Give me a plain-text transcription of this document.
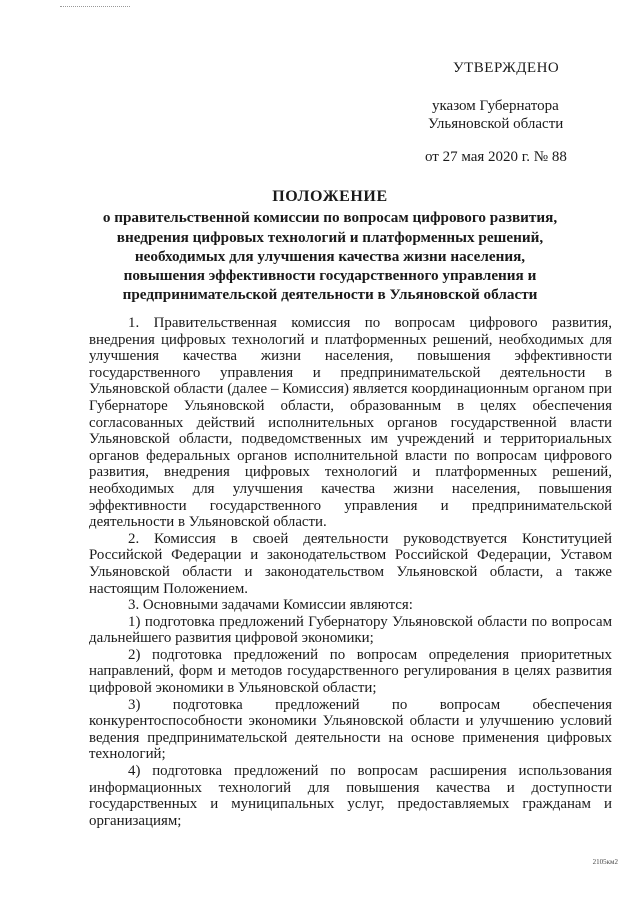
УТВЕРЖДЕНО
указом Губернатора
Ульяновской области
от 27 мая 2020 г. № 88
ПОЛОЖЕНИЕ
о правительственной комиссии по вопросам цифрового развития, внедрения цифровых технологий и платформенных решений, необходимых для улучшения качества жизни населения, повышения эффективности государственного управления и предпринимательской деятельности в Ульяновской области

1. Правительственная комиссия по вопросам цифрового развития, внедрения цифровых технологий и платформенных решений, необходимых для улучшения качества жизни населения, повышения эффективности государственного управления и предпринимательской деятельности в Ульяновской области (далее – Комиссия) является координационным органом при Губернаторе Ульяновской области, образованным в целях обеспечения согласованных действий исполнительных органов государственной власти Ульяновской области, подведомственных им учреждений и территориальных органов федеральных органов исполнительной власти по вопросам цифрового развития, внедрения цифровых технологий и платформенных решений, необходимых для улучшения качества жизни населения, повышения эффективности государственного управления и предпринимательской деятельности в Ульяновской области.

2. Комиссия в своей деятельности руководствуется Конституцией Российской Федерации и законодательством Российской Федерации, Уставом Ульяновской области и законодательством Ульяновской области, а также настоящим Положением.

3. Основными задачами Комиссии являются:

1) подготовка предложений Губернатору Ульяновской области по вопросам дальнейшего развития цифровой экономики;

2) подготовка предложений по вопросам определения приоритетных направлений, форм и методов государственного регулирования в целях развития цифровой экономики в Ульяновской области;

3) подготовка предложений по вопросам обеспечения конкурентоспособности экономики Ульяновской области и улучшению условий ведения предпринимательской деятельности на основе применения цифровых технологий;

4) подготовка предложений по вопросам расширения использования информационных технологий для повышения качества и доступности государственных и муниципальных услуг, предоставляемых гражданам и организациям;

2105км2
